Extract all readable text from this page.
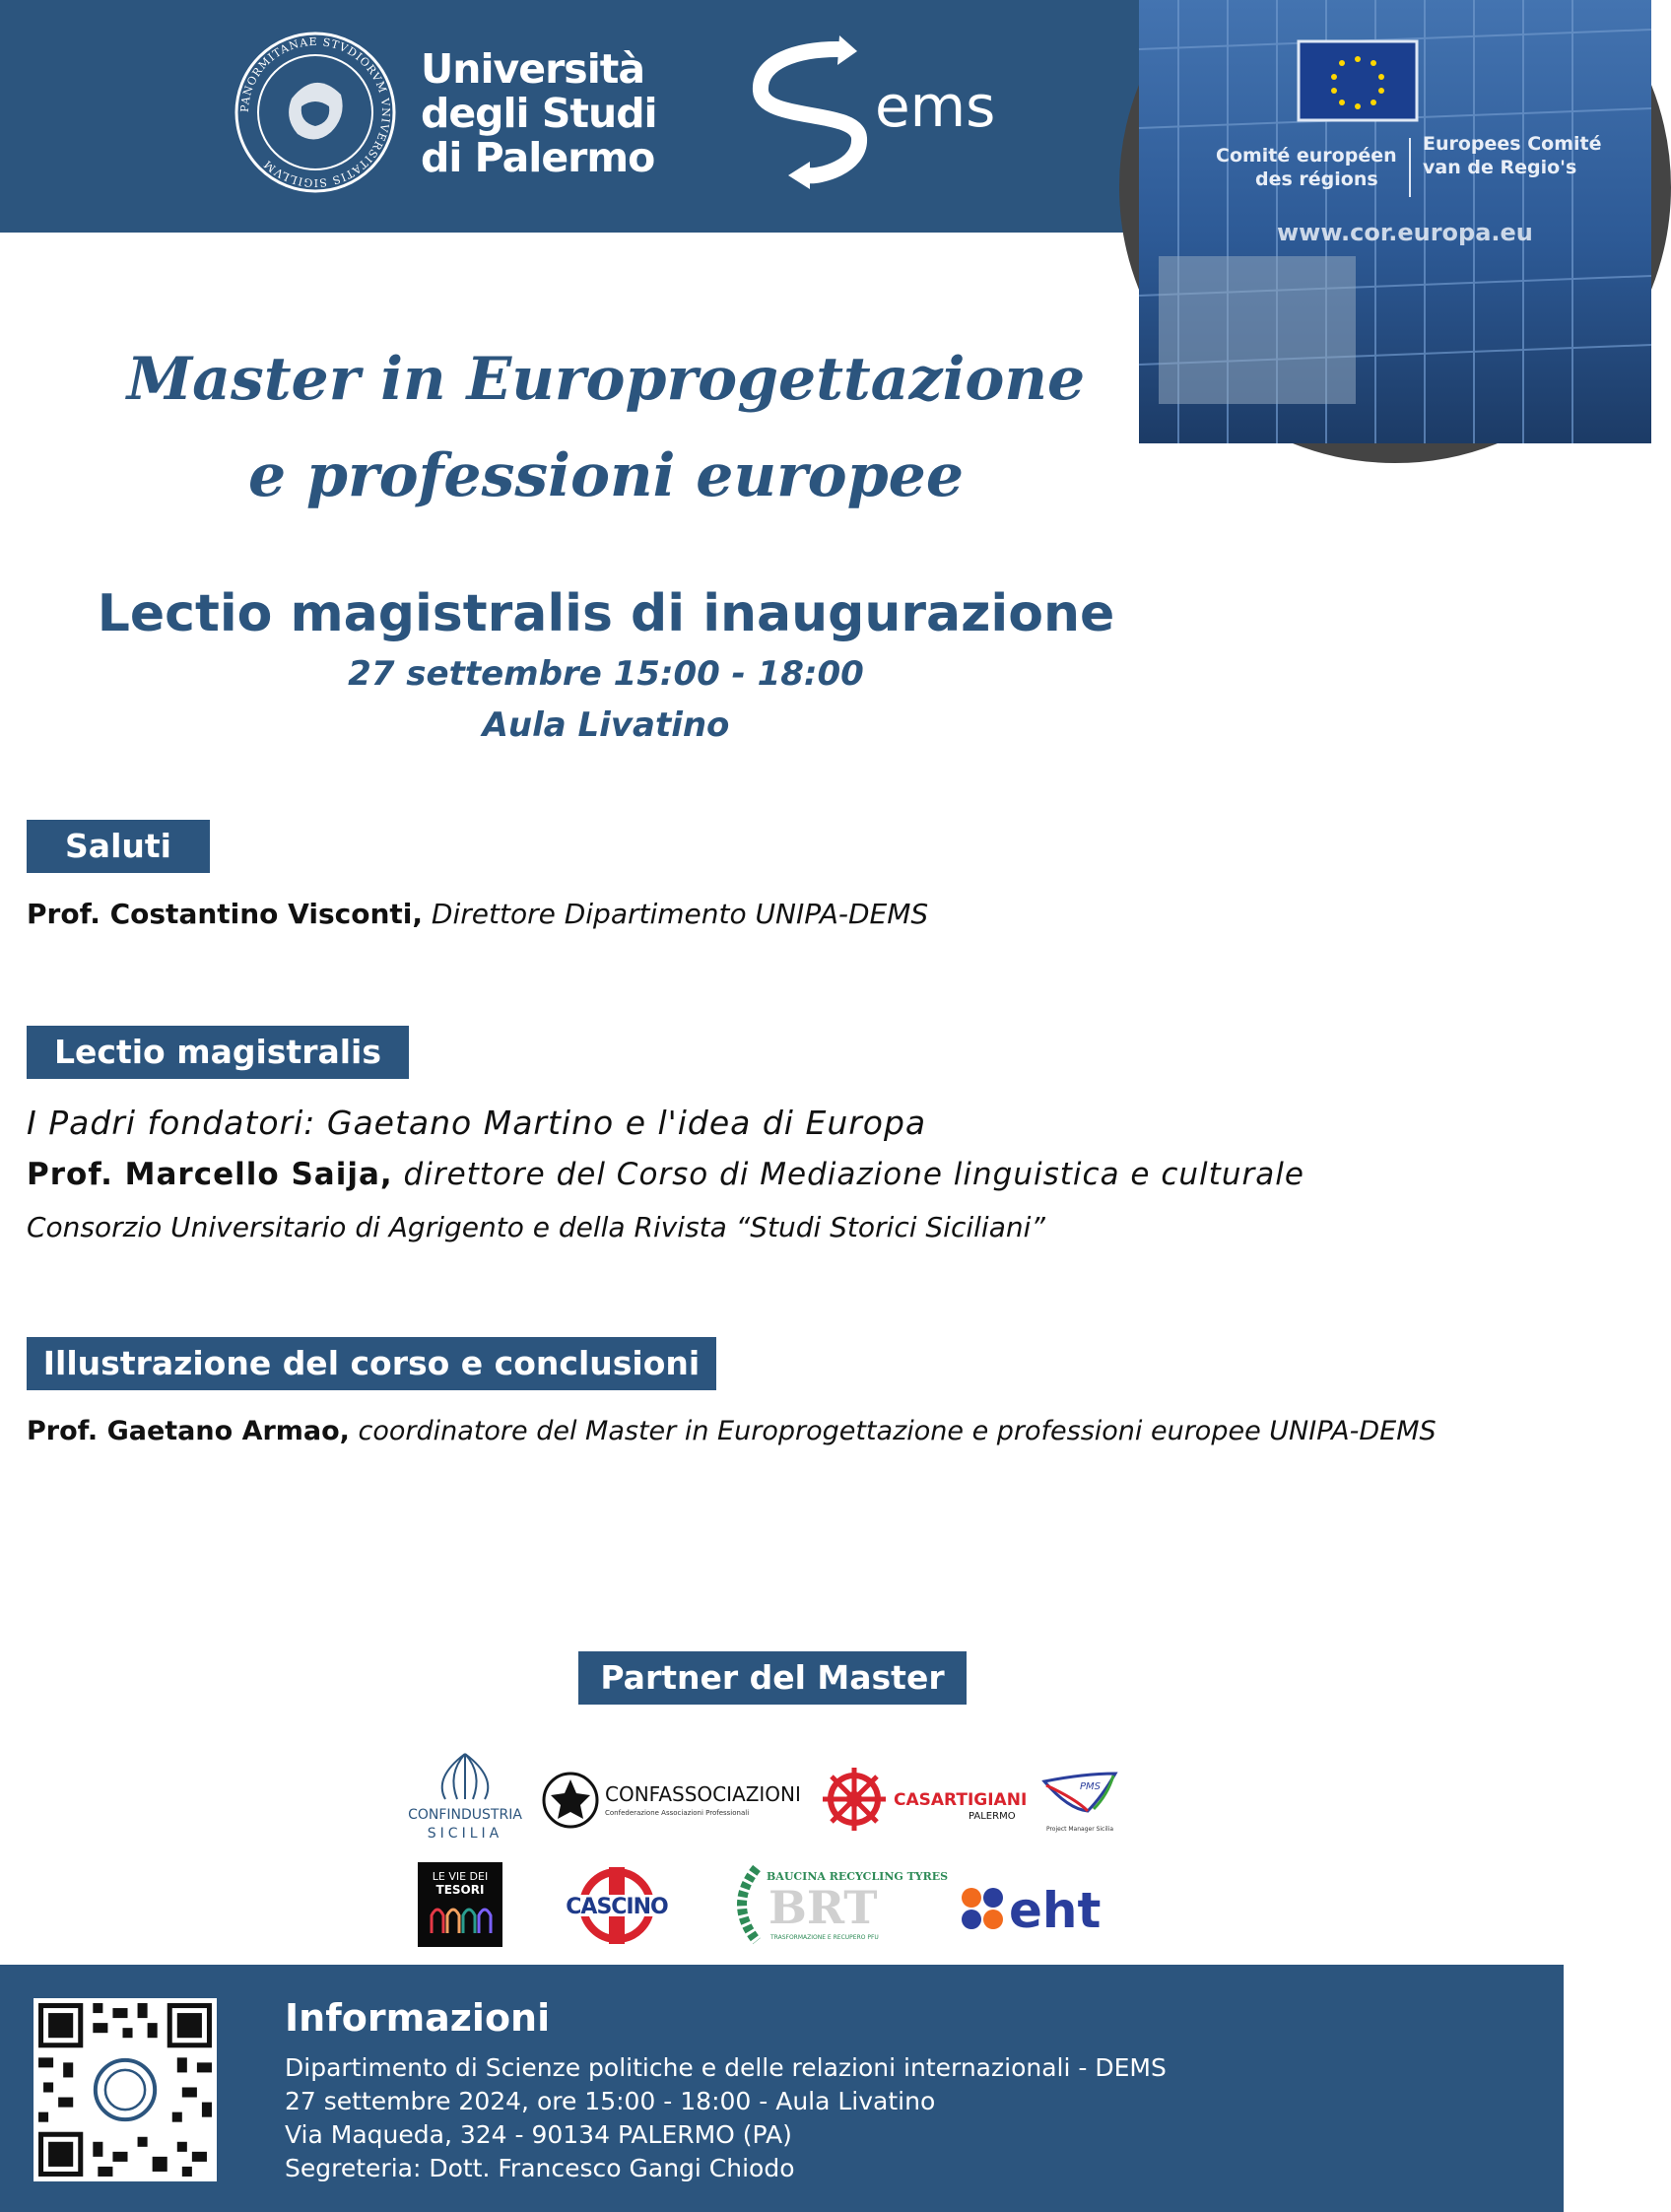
PANORMITANAE STVDIORVM VNIVERSITATIS SIGILLVM
Università
degli Studi
di Palermo
ems
Comité européen
des régions
Europees Comité
van de Regio's
www.cor.europa.eu
Master in Europrogettazione
e professioni europee
Lectio magistralis di inaugurazione

27 settembre 15:00 - 18:00

Aula Livatino

Saluti

Prof. Costantino Visconti, Direttore Dipartimento UNIPA-DEMS

Lectio magistralis

I Padri fondatori: Gaetano Martino e l'idea di Europa

Prof. Marcello Saija, direttore del Corso di Mediazione linguistica e culturale

Consorzio Universitario di Agrigento e della Rivista “Studi Storici Siciliani”

Illustrazione del corso e conclusioni

Prof. Gaetano Armao, coordinatore del Master in Europrogettazione e professioni europee UNIPA-DEMS

Partner del Master
CONFINDUSTRIA
SICILIA
CONFASSOCIAZIONI
Confederazione Associazioni Professionali
CASARTIGIANI
PALERMO
PMS
Project Manager Sicilia
LE VIE DEI
TESORI
CASCINO
BAUCINA RECYCLING TYRES
BRT
TRASFORMAZIONE E RECUPERO PFU	eht
Informazioni

Dipartimento di Scienze politiche e delle relazioni internazionali - DEMS

27 settembre 2024, ore 15:00 - 18:00 - Aula Livatino

Via Maqueda, 324 - 90134 PALERMO (PA)

Segreteria: Dott. Francesco Gangi Chiodo
